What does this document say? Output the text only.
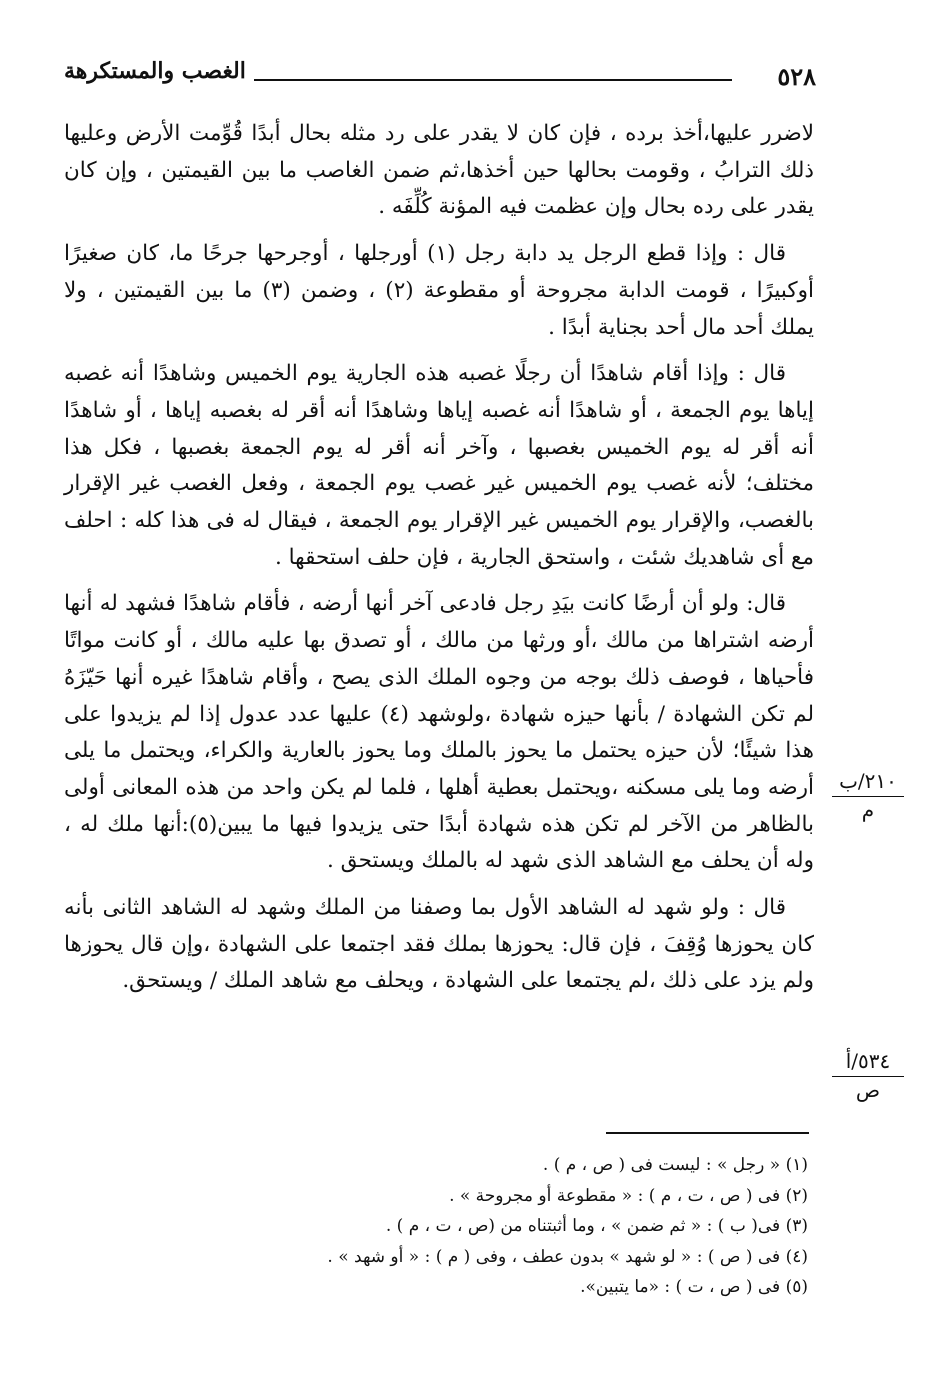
٥٢٨
الغصب والمستكرهة

لاضرر عليها،أخذ برده ، فإن كان لا يقدر على رد مثله بحال أبدًا قُوِّمت الأرض وعليها ذلك الترابُ ، وقومت بحالها حين أخذها،ثم ضمن الغاصب ما بين القيمتين ، وإن كان يقدر على رده بحال وإن عظمت فيه المؤنة كُلِّفَه .

قال : وإذا قطع الرجل يد دابة رجل (١) أورجلها ، أوجرحها جرحًا ما، كان صغيرًا أوكبيرًا ، قومت الدابة مجروحة أو مقطوعة (٢) ، وضمن (٣) ما بين القيمتين ، ولا يملك أحد مال أحد بجناية أبدًا .

قال : وإذا أقام شاهدًا أن رجلًا غصبه هذه الجارية يوم الخميس وشاهدًا أنه غصبه إياها يوم الجمعة ، أو شاهدًا أنه غصبه إياها وشاهدًا أنه أقر له بغصبه إياها ، أو شاهدًا أنه أقر له يوم الخميس بغصبها ، وآخر أنه أقر له يوم الجمعة بغصبها ، فكل هذا مختلف؛ لأنه غصب يوم الخميس غير غصب يوم الجمعة ، وفعل الغصب غير الإقرار بالغصب، والإقرار يوم الخميس غير الإقرار يوم الجمعة ، فيقال له فى هذا كله : احلف مع أى شاهديك شئت ، واستحق الجارية ، فإن حلف استحقها .

قال: ولو أن أرضًا كانت بيَدِ رجل فادعى آخر أنها أرضه ، فأقام شاهدًا فشهد له أنها أرضه اشتراها من مالك ،أو ورثها من مالك ، أو تصدق بها عليه مالك ، أو كانت مواتًا فأحياها ، فوصف ذلك بوجه من وجوه الملك الذى يصح ، وأقام شاهدًا غيره أنها حَيّزَهُ لم تكن الشهادة / بأنها حيزه شهادة ،ولوشهد (٤) عليها عدد عدول إذا لم يزيدوا على هذا شيئًا؛ لأن حيزه يحتمل ما يحوز بالملك وما يحوز بالعارية والكراء، ويحتمل ما يلى أرضه وما يلى مسكنه ،ويحتمل بعطية أهلها ، فلما لم يكن واحد من هذه المعانى أولى بالظاهر من الآخر لم تكن هذه شهادة أبدًا حتى يزيدوا فيها ما يبين(٥):أنها ملك له ، وله أن يحلف مع الشاهد الذى شهد له بالملك ويستحق .

قال : ولو شهد له الشاهد الأول بما وصفنا من الملك وشهد له الشاهد الثانى بأنه كان يحوزها وُقِفَ ، فإن قال: يحوزها بملك فقد اجتمعا على الشهادة ،وإن قال يحوزها ولم يزد على ذلك ،لم يجتمعا على الشهادة ، ويحلف مع شاهد الملك / ويستحق.

٢١٠/ب
م
٥٣٤/أ
ص
(١) « رجل » : ليست فى ( ص ، م ) .
(٢) فى ( ص ، ت ، م ) : « مقطوعة أو مجروحة » .
(٣) فى( ب ) : « ثم ضمن » ، وما أثبتناه من (ص ، ت ، م ) .
(٤) فى ( ص ) : « لو شهد » بدون عطف ، وفى ( م ) : « أو شهد » .
(٥) فى ( ص ، ت ) : «ما يتبين».
